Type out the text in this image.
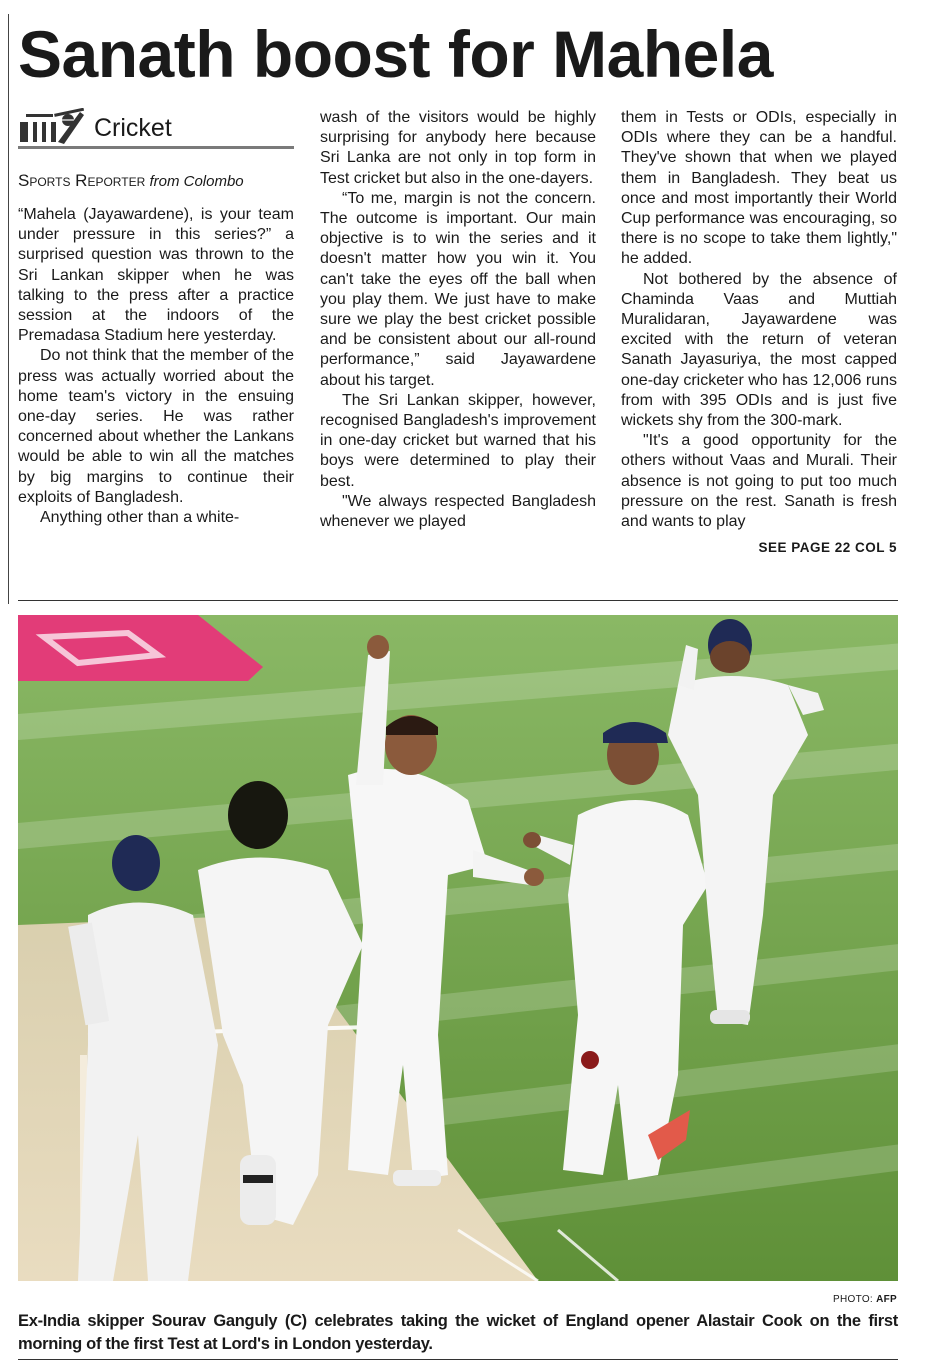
Sanath boost for Mahela
Cricket

Sports Reporter from Colombo

“Mahela (Jayawardene), is your team under pressure in this series?” a surprised question was thrown to the Sri Lankan skipper when he was talking to the press after a practice session at the indoors of the Premadasa Stadium here yesterday.

Do not think that the member of the press was actually worried about the home team's victory in the ensuing one-day series. He was rather concerned about whether the Lankans would be able to win all the matches by big margins to continue their exploits of Bangladesh.

Anything other than a white-

wash of the visitors would be highly surprising for anybody here because Sri Lanka are not only in top form in Test cricket but also in the one-dayers.

“To me, margin is not the concern. The outcome is important. Our main objective is to win the series and it doesn't matter how you win it. You can't take the eyes off the ball when you play them. We just have to make sure we play the best cricket possible and be consistent about our all-round performance,” said Jayawardene about his target.

The Sri Lankan skipper, however, recognised Bangladesh's improvement in one-day cricket but warned that his boys were determined to play their best.

"We always respected Bangladesh whenever we played

them in Tests or ODIs, especially in ODIs where they can be a handful. They've shown that when we played them in Bangladesh. They beat us once and most importantly their World Cup performance was encouraging, so there is no scope to take them lightly," he added.

Not bothered by the absence of Chaminda Vaas and Muttiah Muralidaran, Jayawardene was excited with the return of veteran Sanath Jayasuriya, the most capped one-day cricketer who has 12,006 runs from with 395 ODIs and is just five wickets shy from the 300-mark.

"It's a good opportunity for the others without Vaas and Murali. Their absence is not going to put too much pressure on the rest. Sanath is fresh and wants to play

SEE PAGE 22 COL 5

PHOTO: AFP

Ex-India skipper Sourav Ganguly (C) celebrates taking the wicket of England opener Alastair Cook on the first morning of the first Test at Lord's in London yesterday.
